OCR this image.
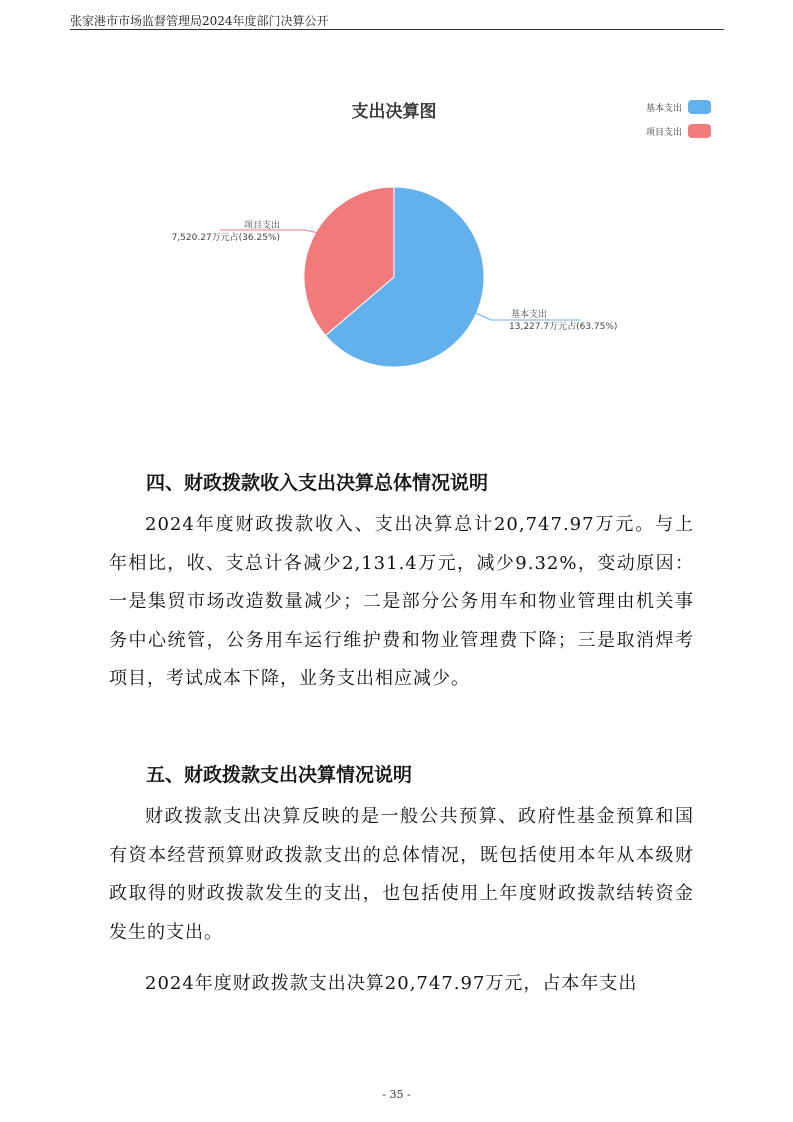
张家港市市场监督管理局2024年度部门决算公开
支出决算图	基本支出
项目支出
基本支出
13,227.7万元占(63.75%)
项目支出
7,520.27万元占(36.25%)
四、财政拨款收入支出决算总体情况说明
2024年度财政拨款收入、支出决算总计20,747.97万元。与上年相比，收、支总计各减少2,131.4万元，减少9.32%，变动原因：一是集贸市场改造数量减少；二是部分公务用车和物业管理由机关事务中心统管，公务用车运行维护费和物业管理费下降；三是取消焊考项目，考试成本下降，业务支出相应减少。
五、财政拨款支出决算情况说明
财政拨款支出决算反映的是一般公共预算、政府性基金预算和国有资本经营预算财政拨款支出的总体情况，既包括使用本年从本级财政取得的财政拨款发生的支出，也包括使用上年度财政拨款结转资金发生的支出。
2024年度财政拨款支出决算20,747.97万元，占本年支出
- 35 -
